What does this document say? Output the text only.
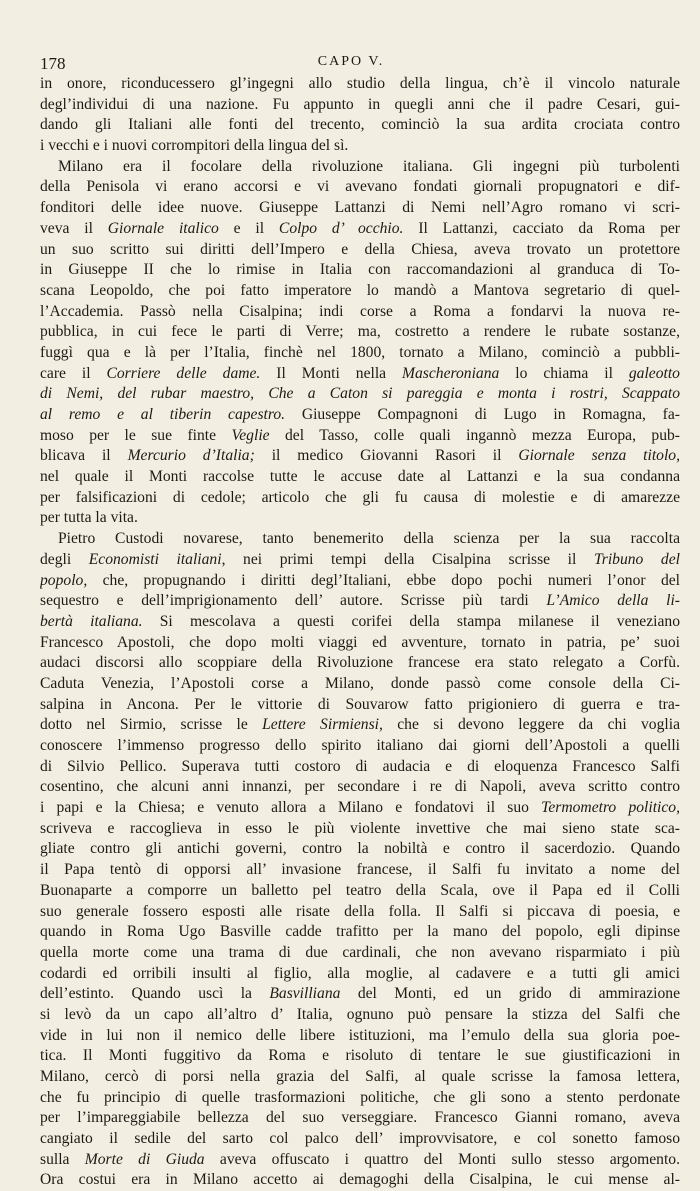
178	CAPO V.
in onore, riconducessero gl’ingegni allo studio della lingua, ch’è il vincolo naturale
degl’individui di una nazione. Fu appunto in quegli anni che il padre Cesari, gui-
dando gli Italiani alle fonti del trecento, cominciò la sua ardita crociata contro
i vecchi e i nuovi corrompitori della lingua del sì.
Milano era il focolare della rivoluzione italiana. Gli ingegni più turbolenti
della Penisola vi erano accorsi e vi avevano fondati giornali propugnatori e dif-
fonditori delle idee nuove. Giuseppe Lattanzi di Nemi nell’Agro romano vi scri-
veva il Giornale italico e il Colpo d’ occhio. Il Lattanzi, cacciato da Roma per
un suo scritto sui diritti dell’Impero e della Chiesa, aveva trovato un protettore
in Giuseppe II che lo rimise in Italia con raccomandazioni al granduca di To-
scana Leopoldo, che poi fatto imperatore lo mandò a Mantova segretario di quel-
l’Accademia. Passò nella Cisalpina; indi corse a Roma a fondarvi la nuova re-
pubblica, in cui fece le parti di Verre; ma, costretto a rendere le rubate sostanze,
fuggì qua e là per l’Italia, finchè nel 1800, tornato a Milano, cominciò a pubbli-
care il Corriere delle dame. Il Monti nella Mascheroniana lo chiama il galeotto
di Nemi, del rubar maestro, Che a Caton si pareggia e monta i rostri, Scappato
al remo e al tiberin capestro. Giuseppe Compagnoni di Lugo in Romagna, fa-
moso per le sue finte Veglie del Tasso, colle quali ingannò mezza Europa, pub-
blicava il Mercurio d’Italia; il medico Giovanni Rasori il Giornale senza titolo,
nel quale il Monti raccolse tutte le accuse date al Lattanzi e la sua condanna
per falsificazioni di cedole; articolo che gli fu causa di molestie e di amarezze
per tutta la vita.
Pietro Custodi novarese, tanto benemerito della scienza per la sua raccolta
degli Economisti italiani, nei primi tempi della Cisalpina scrisse il Tribuno del
popolo, che, propugnando i diritti degl’Italiani, ebbe dopo pochi numeri l’onor del
sequestro e dell’imprigionamento dell’ autore. Scrisse più tardi L’Amico della li-
bertà italiana. Si mescolava a questi corifei della stampa milanese il veneziano
Francesco Apostoli, che dopo molti viaggi ed avventure, tornato in patria, pe’ suoi
audaci discorsi allo scoppiare della Rivoluzione francese era stato relegato a Corfù.
Caduta Venezia, l’Apostoli corse a Milano, donde passò come console della Ci-
salpina in Ancona. Per le vittorie di Souvarow fatto prigioniero di guerra e tra-
dotto nel Sirmio, scrisse le Lettere Sirmiensi, che si devono leggere da chi voglia
conoscere l’immenso progresso dello spirito italiano dai giorni dell’Apostoli a quelli
di Silvio Pellico. Superava tutti costoro di audacia e di eloquenza Francesco Salfi
cosentino, che alcuni anni innanzi, per secondare i re di Napoli, aveva scritto contro
i papi e la Chiesa; e venuto allora a Milano e fondatovi il suo Termometro politico,
scriveva e raccoglieva in esso le più violente invettive che mai sieno state sca-
gliate contro gli antichi governi, contro la nobiltà e contro il sacerdozio. Quando
il Papa tentò di opporsi all’ invasione francese, il Salfi fu invitato a nome del
Buonaparte a comporre un balletto pel teatro della Scala, ove il Papa ed il Colli
suo generale fossero esposti alle risate della folla. Il Salfi si piccava di poesia, e
quando in Roma Ugo Basville cadde trafitto per la mano del popolo, egli dipinse
quella morte come una trama di due cardinali, che non avevano risparmiato i più
codardi ed orribili insulti al figlio, alla moglie, al cadavere e a tutti gli amici
dell’estinto. Quando uscì la Basvilliana del Monti, ed un grido di ammirazione
si levò da un capo all’altro d’ Italia, ognuno può pensare la stizza del Salfi che
vide in lui non il nemico delle libere istituzioni, ma l’emulo della sua gloria poe-
tica. Il Monti fuggitivo da Roma e risoluto di tentare le sue giustificazioni in
Milano, cercò di porsi nella grazia del Salfi, al quale scrisse la famosa lettera,
che fu principio di quelle trasformazioni politiche, che gli sono a stento perdonate
per l’impareggiabile bellezza del suo verseggiare. Francesco Gianni romano, aveva
cangiato il sedile del sarto col palco dell’ improvvisatore, e col sonetto famoso
sulla Morte di Giuda aveva offuscato i quattro del Monti sullo stesso argomento.
Ora costui era in Milano accetto ai demagoghi della Cisalpina, le cui mense al-
